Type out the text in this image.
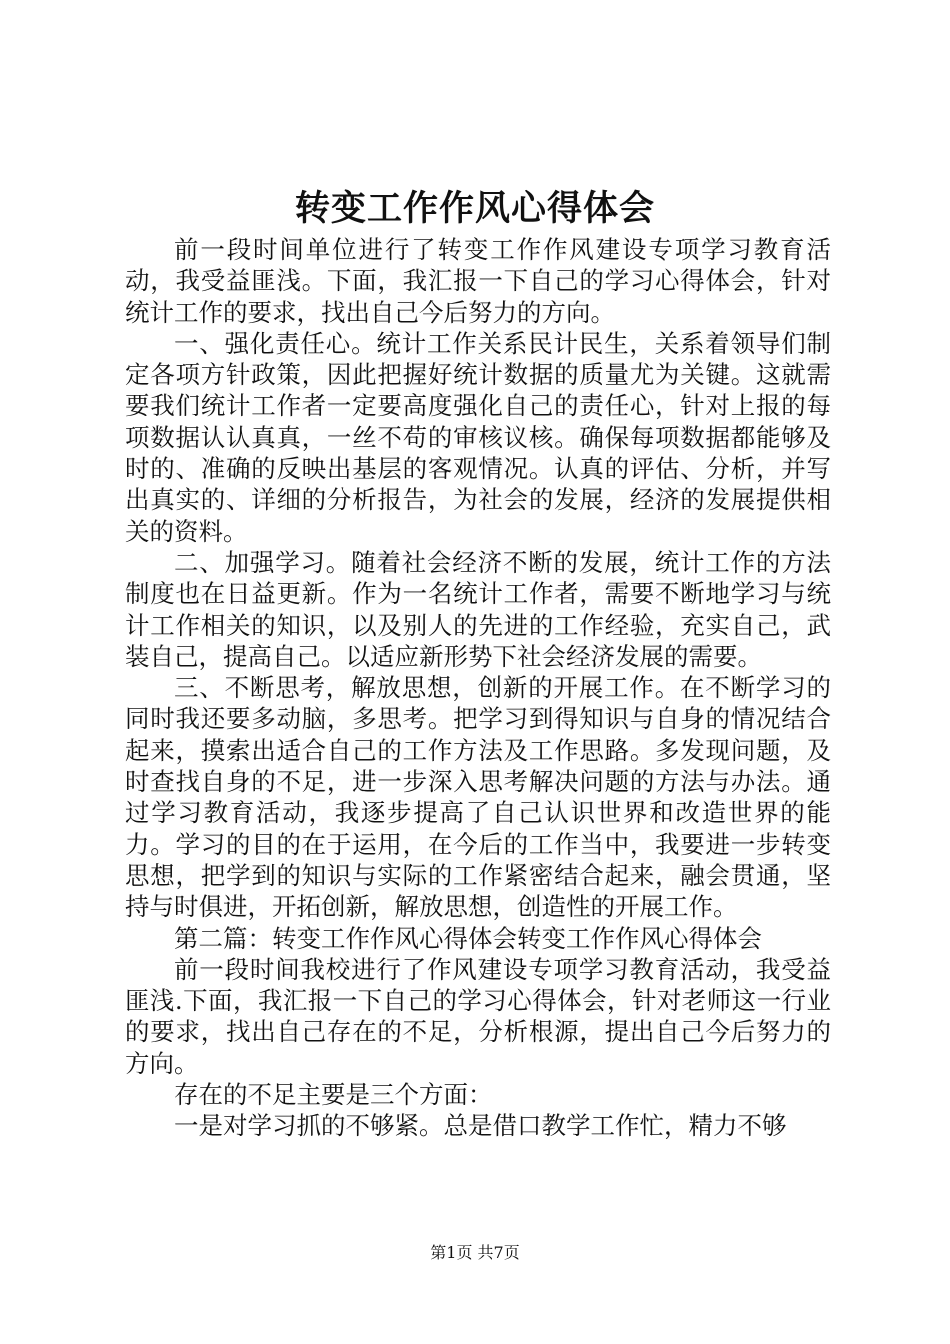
转变工作作风心得体会

前一段时间单位进行了转变工作作风建设专项学习教育活动，我受益匪浅。下面，我汇报一下自己的学习心得体会，针对统计工作的要求，找出自己今后努力的方向。

一、强化责任心。统计工作关系民计民生，关系着领导们制定各项方针政策，因此把握好统计数据的质量尤为关键。这就需要我们统计工作者一定要高度强化自己的责任心，针对上报的每项数据认认真真，一丝不苟的审核议核。确保每项数据都能够及时的、准确的反映出基层的客观情况。认真的评估、分析，并写出真实的、详细的分析报告，为社会的发展，经济的发展提供相关的资料。

二、加强学习。随着社会经济不断的发展，统计工作的方法制度也在日益更新。作为一名统计工作者，需要不断地学习与统计工作相关的知识，以及别人的先进的工作经验，充实自己，武装自己，提高自己。以适应新形势下社会经济发展的需要。

三、不断思考，解放思想，创新的开展工作。在不断学习的同时我还要多动脑，多思考。把学习到得知识与自身的情况结合起来，摸索出适合自己的工作方法及工作思路。多发现问题，及时查找自身的不足，进一步深入思考解决问题的方法与办法。通过学习教育活动，我逐步提高了自己认识世界和改造世界的能力。学习的目的在于运用，在今后的工作当中，我要进一步转变思想，把学到的知识与实际的工作紧密结合起来，融会贯通，坚持与时俱进，开拓创新，解放思想，创造性的开展工作。

第二篇：转变工作作风心得体会转变工作作风心得体会

前一段时间我校进行了作风建设专项学习教育活动，我受益匪浅.下面，我汇报一下自己的学习心得体会，针对老师这一行业的要求，找出自己存在的不足，分析根源，提出自己今后努力的方向。

存在的不足主要是三个方面：

一是对学习抓的不够紧。总是借口教学工作忙，精力不够

第1页 共7页
